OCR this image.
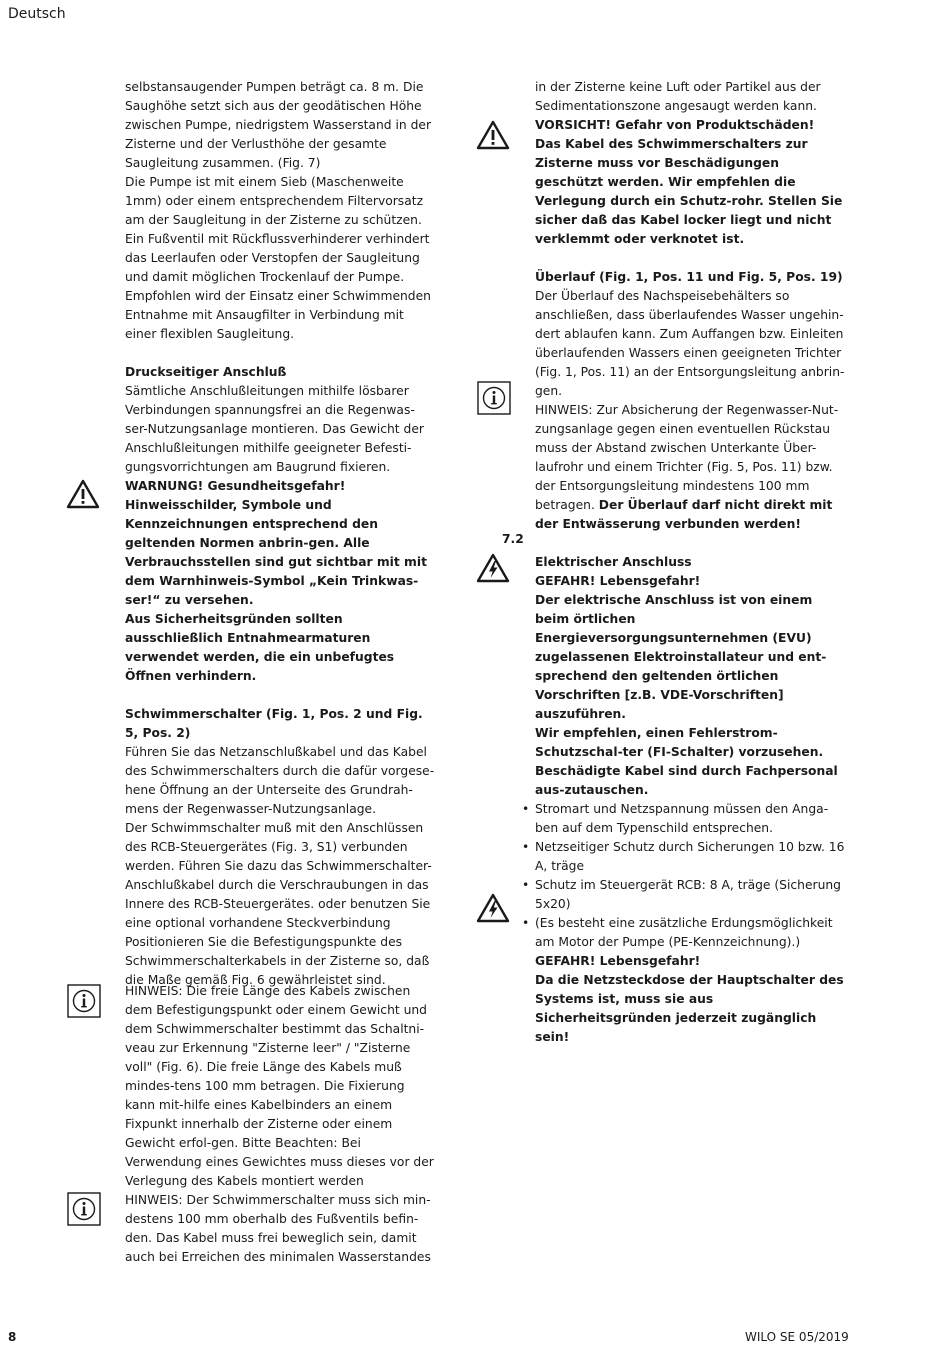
Deutsch

selbstansaugender Pumpen beträgt ca. 8 m. Die Saughöhe setzt sich aus der geodätischen Höhe zwischen Pumpe, niedrigstem Wasserstand in der Zisterne und der Verlusthöhe der gesamte Saugleitung zusammen. (Fig. 7)

Die Pumpe ist mit einem Sieb (Maschenweite 1mm) oder einem entsprechendem Filtervorsatz am der Saugleitung in der Zisterne zu schützen. Ein Fußventil mit Rückflussverhinderer verhindert das Leerlaufen oder Verstopfen der Saugleitung und damit möglichen Trockenlauf der Pumpe. Empfohlen wird der Einsatz einer Schwimmenden Entnahme mit Ansaugfilter in Verbindung mit einer flexiblen Saugleitung.

Druckseitiger Anschluß

Sämtliche Anschlußleitungen mithilfe lösbarer Verbindungen spannungsfrei an die Regenwas-ser-Nutzungsanlage montieren. Das Gewicht der Anschlußleitungen mithilfe geeigneter Befesti-gungsvorrichtungen am Baugrund fixieren.

WARNUNG! Gesundheitsgefahr!

Hinweisschilder, Symbole und Kennzeichnungen entsprechend den geltenden Normen anbrin-gen. Alle Verbrauchsstellen sind gut sichtbar mit mit dem Warnhinweis-Symbol „Kein Trinkwas-ser!“ zu versehen.

Aus Sicherheitsgründen sollten ausschließlich Entnahmearmaturen verwendet werden, die ein unbefugtes Öffnen verhindern.

Schwimmerschalter (Fig. 1, Pos. 2 und Fig. 5, Pos. 2)

Führen Sie das Netzanschlußkabel und das Kabel des Schwimmerschalters durch die dafür vorgese-hene Öffnung an der Unterseite des Grundrah-mens der Regenwasser-Nutzungsanlage.

Der Schwimmschalter muß mit den Anschlüssen des RCB-Steuergerätes (Fig. 3, S1) verbunden werden. Führen Sie dazu das Schwimmerschalter-Anschlußkabel durch die Verschraubungen in das Innere des RCB-Steuergerätes. oder benutzen Sie eine optional vorhandene Steckverbindung Positionieren Sie die Befestigungspunkte des Schwimmerschalterkabels in der Zisterne so, daß die Maße gemäß Fig. 6 gewährleistet sind.

HINWEIS: Die freie Länge des Kabels zwischen dem Befestigungspunkt oder einem Gewicht und dem Schwimmerschalter bestimmt das Schaltni-veau zur Erkennung "Zisterne leer" / "Zisterne voll" (Fig. 6). Die freie Länge des Kabels muß mindes-tens 100 mm betragen. Die Fixierung kann mit-hilfe eines Kabelbinders an einem Fixpunkt innerhalb der Zisterne oder einem Gewicht erfol-gen. Bitte Beachten: Bei Verwendung eines Gewichtes muss dieses vor der Verlegung des Kabels montiert werden

HINWEIS: Der Schwimmerschalter muss sich min-destens 100 mm oberhalb des Fußventils befin-den. Das Kabel muss frei beweglich sein, damit auch bei Erreichen des minimalen Wasserstandes

in der Zisterne keine Luft oder Partikel aus der Sedimentationszone angesaugt werden kann.

VORSICHT! Gefahr von Produktschäden!

Das Kabel des Schwimmerschalters zur Zisterne muss vor Beschädigungen geschützt werden. Wir empfehlen die Verlegung durch ein Schutz-rohr. Stellen Sie sicher daß das Kabel locker liegt und nicht verklemmt oder verknotet ist.

Überlauf (Fig. 1, Pos. 11 und Fig. 5, Pos. 19)

Der Überlauf des Nachspeisebehälters so anschließen, dass überlaufendes Wasser ungehin-dert ablaufen kann. Zum Auffangen bzw. Einleiten überlaufenden Wassers einen geeigneten Trichter (Fig. 1, Pos. 11) an der Entsorgungsleitung anbrin-gen.

HINWEIS: Zur Absicherung der Regenwasser-Nut-zungsanlage gegen einen eventuellen Rückstau muss der Abstand zwischen Unterkante Über-laufrohr und einem Trichter (Fig. 5, Pos. 11) bzw. der Entsorgungsleitung mindestens 100 mm betragen. Der Überlauf darf nicht direkt mit der Entwässerung verbunden werden!

Elektrischer Anschluss

GEFAHR! Lebensgefahr!

Der elektrische Anschluss ist von einem beim örtlichen Energieversorgungsunternehmen (EVU) zugelassenen Elektroinstallateur und ent-sprechend den geltenden örtlichen Vorschriften [z.B. VDE-Vorschriften] auszuführen.

Wir empfehlen, einen Fehlerstrom-Schutzschal-ter (FI-Schalter) vorzusehen.

Beschädigte Kabel sind durch Fachpersonal aus-zutauschen.

• Stromart und Netzspannung müssen den Anga-ben auf dem Typenschild entsprechen.
• Netzseitiger Schutz durch Sicherungen 10 bzw. 16 A, träge
• Schutz im Steuergerät RCB: 8 A, träge (Sicherung 5x20)
• (Es besteht eine zusätzliche Erdungsmöglichkeit am Motor der Pumpe (PE-Kennzeichnung).)

GEFAHR! Lebensgefahr!

Da die Netzsteckdose der Hauptschalter des Systems ist, muss sie aus Sicherheitsgründen jederzeit zugänglich sein!

7.2
8	WILO SE 05/2019
